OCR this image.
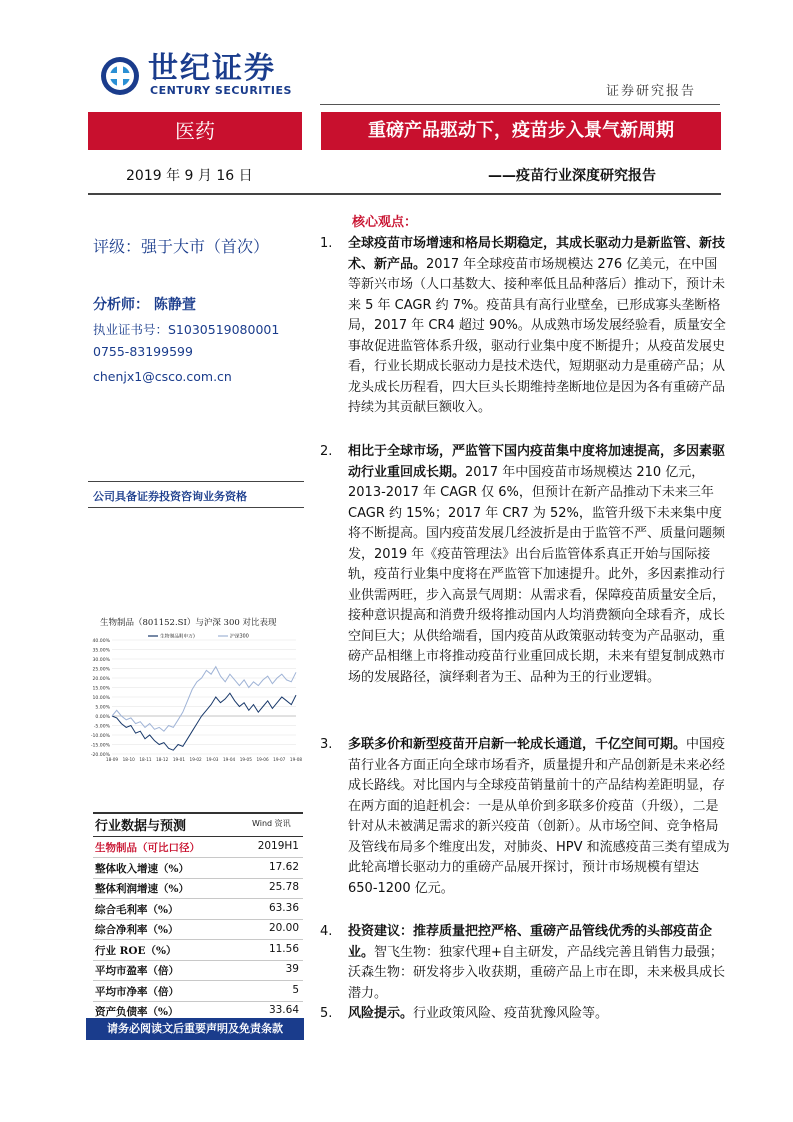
世纪证券
CENTURY SECURITIES	证券研究报告
医药	重磅产品驱动下，疫苗步入景气新周期
2019 年 9 月 16 日	——疫苗行业深度研究报告
评级：强于大市（首次）
分析师： 陈静萱
执业证书号：S1030519080001
0755-83199599
chenjx1@csco.com.cn
公司具备证券投资咨询业务资格
生物制品（801152.SI）与沪深 300 对比表现
40.00%
35.00%
30.00%
25.00%
20.00%
15.00%
10.00%
5.00%
0.00%
-5.00%
-10.00%
-15.00%
-20.00%
18-09 18-10 18-11 18-12 19-01 19-02 19-03 19-04 19-05 19-06 19-07 19-08
生物制品Ⅱ(申万)	沪深300
行业数据与预测	Wind 资讯
生物制品（可比口径）	2019H1
整体收入增速（%）	17.62
整体利润增速（%）	25.78
综合毛利率（%）	63.36
综合净利率（%）	20.00
行业 ROE（%）	11.56
平均市盈率（倍）	39
平均市净率（倍）	5
资产负债率（%）	33.64
请务必阅读文后重要声明及免责条款
核心观点：
1.	全球疫苗市场增速和格局长期稳定，其成长驱动力是新监管、新技术、新产品。2017 年全球疫苗市场规模达 276 亿美元，在中国等新兴市场（人口基数大、接种率低且品种落后）推动下，预计未来 5 年 CAGR 约 7%。疫苗具有高行业壁垒，已形成寡头垄断格局，2017 年 CR4 超过 90%。从成熟市场发展经验看，质量安全事故促进监管体系升级，驱动行业集中度不断提升；从疫苗发展史看，行业长期成长驱动力是技术迭代，短期驱动力是重磅产品；从龙头成长历程看，四大巨头长期维持垄断地位是因为各有重磅产品持续为其贡献巨额收入。
2.	相比于全球市场，严监管下国内疫苗集中度将加速提高，多因素驱动行业重回成长期。2017 年中国疫苗市场规模达 210 亿元，2013-2017 年 CAGR 仅 6%，但预计在新产品推动下未来三年 CAGR 约 15%；2017 年 CR7 为 52%，监管升级下未来集中度将不断提高。国内疫苗发展几经波折是由于监管不严、质量问题频发，2019 年《疫苗管理法》出台后监管体系真正开始与国际接轨，疫苗行业集中度将在严监管下加速提升。此外，多因素推动行业供需两旺，步入高景气周期：从需求看，保障疫苗质量安全后，接种意识提高和消费升级将推动国内人均消费额向全球看齐，成长空间巨大；从供给端看，国内疫苗从政策驱动转变为产品驱动，重磅产品相继上市将推动疫苗行业重回成长期，未来有望复制成熟市场的发展路径，演绎剩者为王、品种为王的行业逻辑。
3.	多联多价和新型疫苗开启新一轮成长通道，千亿空间可期。中国疫苗行业各方面正向全球市场看齐，质量提升和产品创新是未来必经成长路线。对比国内与全球疫苗销量前十的产品结构差距明显，存在两方面的追赶机会：一是从单价到多联多价疫苗（升级），二是针对从未被满足需求的新兴疫苗（创新）。从市场空间、竞争格局及管线布局多个维度出发，对肺炎、HPV 和流感疫苗三类有望成为此轮高增长驱动力的重磅产品展开探讨，预计市场规模有望达 650-1200 亿元。
4.	投资建议：推荐质量把控严格、重磅产品管线优秀的头部疫苗企业。智飞生物：独家代理+自主研发，产品线完善且销售力最强；沃森生物：研发将步入收获期，重磅产品上市在即，未来极具成长潜力。
5.	风险提示。行业政策风险、疫苗犹豫风险等。
